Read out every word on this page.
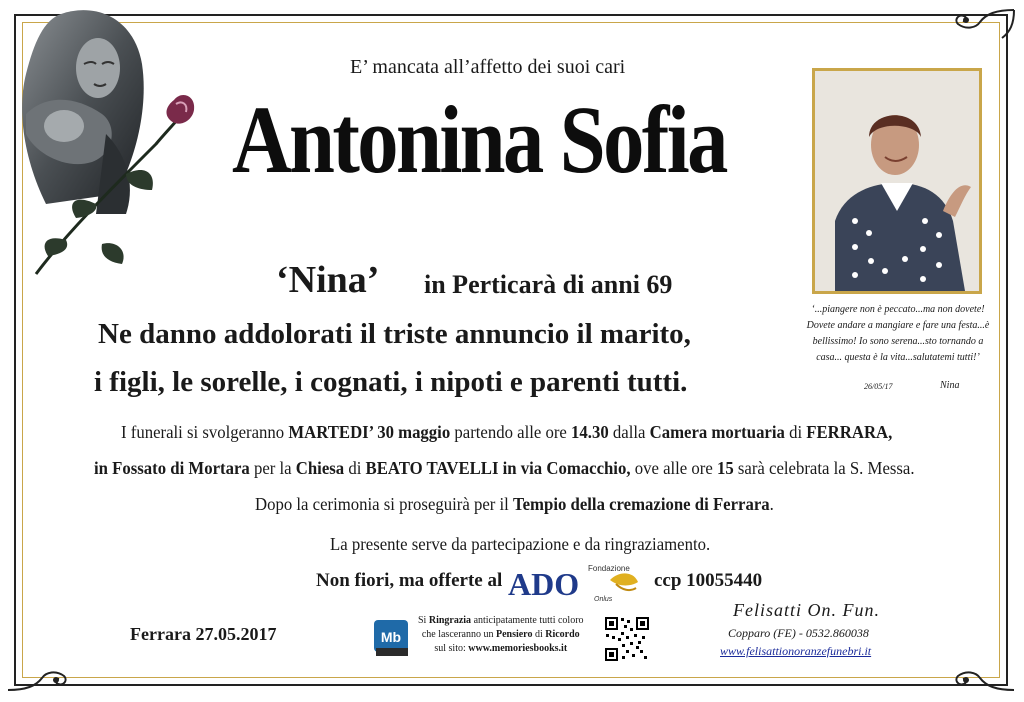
E’ mancata all’affetto dei suoi cari
Antonina Sofia
‘Nina’ in Perticarà di anni 69
Ne danno addolorati il triste annuncio il marito,
i figli, le sorelle, i cognati, i nipoti e parenti tutti.
I funerali si svolgeranno MARTEDI’ 30 maggio partendo alle ore 14.30 dalla Camera mortuaria di FERRARA,
in Fossato di Mortara per la Chiesa di BEATO TAVELLI in via Comacchio, ove alle ore 15 sarà celebrata la S. Messa.
Dopo la cerimonia si proseguirà per il Tempio della cremazione di Ferrara.
La presente serve da partecipazione e da ringraziamento.
Non fiori, ma offerte al
Fondazione
ADO Onlus
ccp 10055440
‘...piangere non è peccato...ma non dovete! Dovete andare a mangiare e fare una festa...è bellissimo! Io sono serena...sto tornando a casa... questa è la vita...salutatemi tutti!’
26/05/17	Nina
Ferrara 27.05.2017	Mb
Si Ringrazia anticipatamente tutti coloro
che lasceranno un Pensiero di Ricordo
sul sito: www.memoriesbooks.it
Felisatti On. Fun.
Copparo (FE) - 0532.860038
www.felisattionoranzefunebri.it
